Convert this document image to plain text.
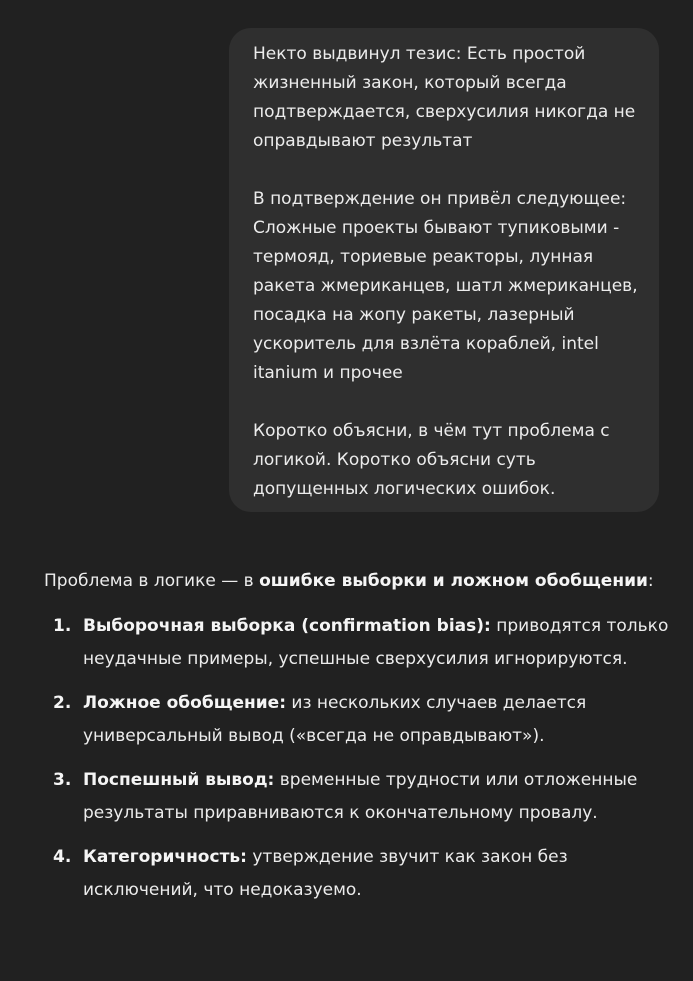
Некто выдвинул тезис: Есть простой жизненный закон, который всегда подтверждается, сверхусилия никогда не оправдывают результат

В подтверждение он привёл следующее: Сложные проекты бывают тупиковыми - термояд, ториевые реакторы, лунная ракета жмериканцев, шатл жмериканцев, посадка на жопу ракеты, лазерный ускоритель для взлёта кораблей, intel itanium и прочее

Коротко объясни, в чём тут проблема с логикой. Коротко объясни суть допущенных логических ошибок.

Проблема в логике — в ошибке выборки и ложном обобщении:

1. Выборочная выборка (confirmation bias): приводятся только неудачные примеры, успешные сверхусилия игнорируются.
2. Ложное обобщение: из нескольких случаев делается универсальный вывод («всегда не оправдывают»).
3. Поспешный вывод: временные трудности или отложенные результаты приравниваются к окончательному провалу.
4. Категоричность: утверждение звучит как закон без исключений, что недоказуемо.
